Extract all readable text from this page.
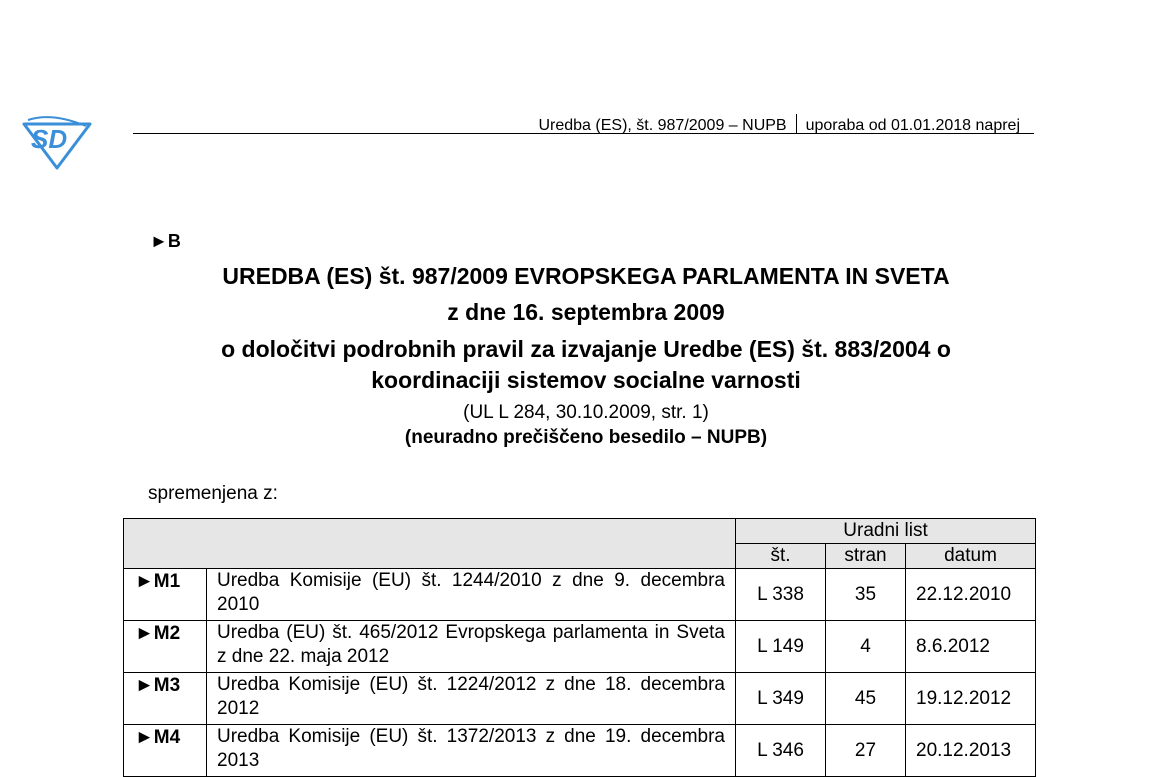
SD	Uredba (ES), št. 987/2009 – NUPB uporaba od 01.01.2018 naprej
►B
UREDBA (ES) št. 987/2009 EVROPSKEGA PARLAMENTA IN SVETA
z dne 16. septembra 2009
o določitvi podrobnih pravil za izvajanje Uredbe (ES) št. 883/2004 o
koordinaciji sistemov socialne varnosti
(UL L 284, 30.10.2009, str. 1)
(neuradno prečiščeno besedilo – NUPB)
spremenjena z:
		Uradni list		
		št.	stran	datum
►M1	Uredba Komisije (EU) št. 1244/2010 z dne 9. decembra 2010	L 338	35	22.12.2010
►M2	Uredba (EU) št. 465/2012 Evropskega parlamenta in Sveta z dne 22. maja 2012	L 149	4	8.6.2012
►M3	Uredba Komisije (EU) št. 1224/2012 z dne 18. decembra 2012	L 349	45	19.12.2012
►M4	Uredba Komisije (EU) št. 1372/2013 z dne 19. decembra 2013	L 346	27	20.12.2013
